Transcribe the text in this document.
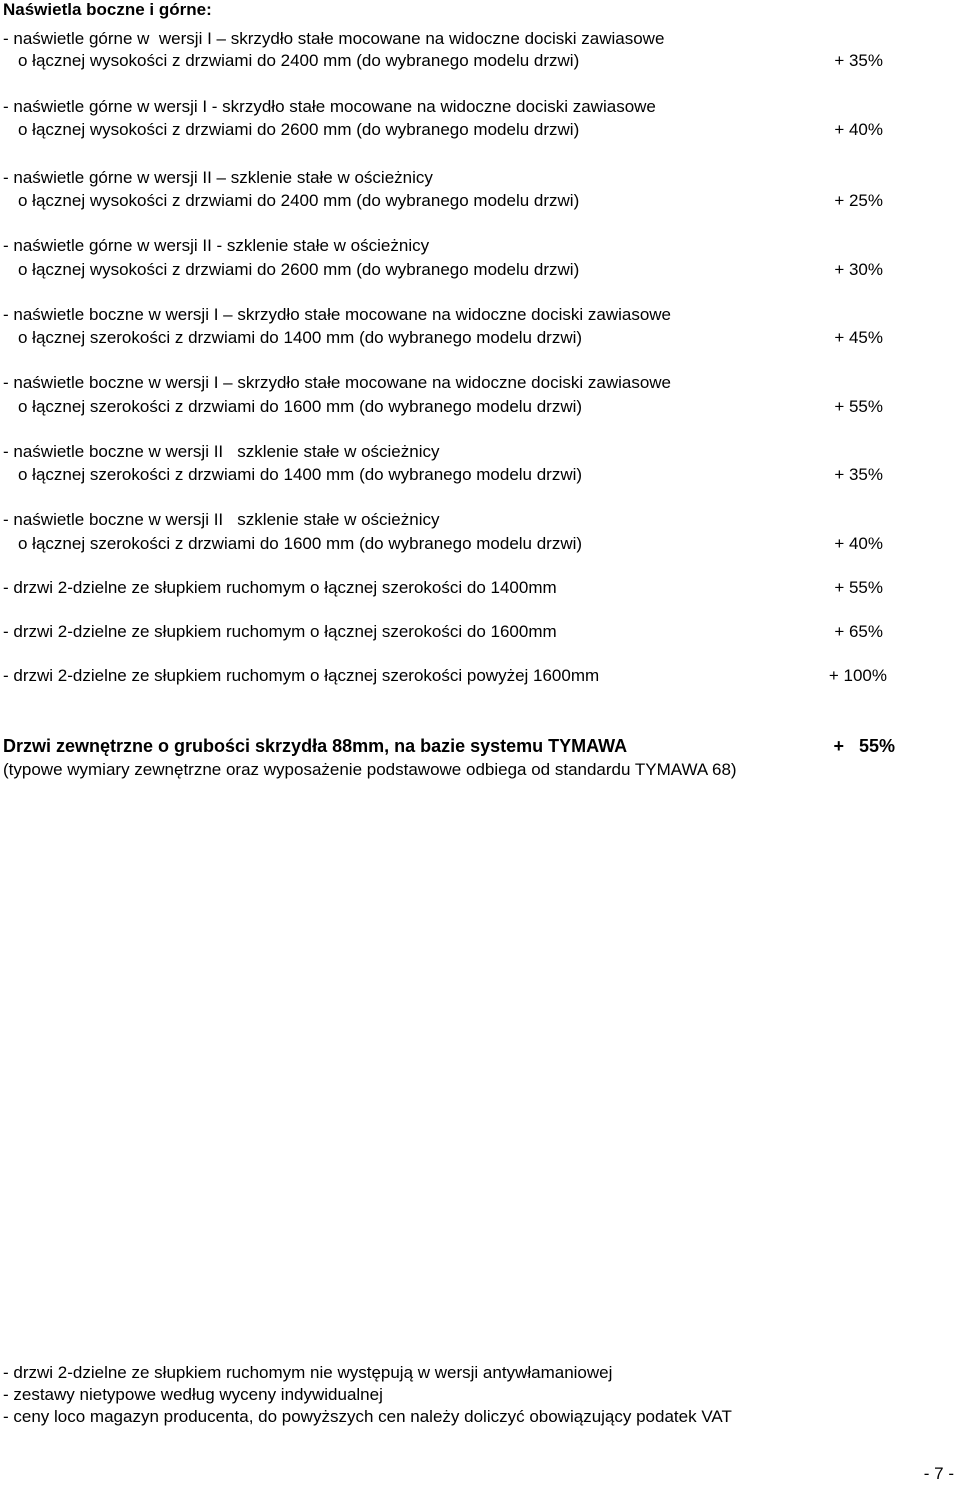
Naświetla boczne i górne:
- naświetle górne w  wersji I – skrzydło stałe mocowane na widoczne dociski zawiasowe
o łącznej wysokości z drzwiami do 2400 mm (do wybranego modelu drzwi)	+ 35%
- naświetle górne w wersji I - skrzydło stałe mocowane na widoczne dociski zawiasowe
o łącznej wysokości z drzwiami do 2600 mm (do wybranego modelu drzwi)	+ 40%
- naświetle górne w wersji II – szklenie stałe w ościeżnicy
o łącznej wysokości z drzwiami do 2400 mm (do wybranego modelu drzwi)	+ 25%
- naświetle górne w wersji II - szklenie stałe w ościeżnicy
o łącznej wysokości z drzwiami do 2600 mm (do wybranego modelu drzwi)	+ 30%
- naświetle boczne w wersji I – skrzydło stałe mocowane na widoczne dociski zawiasowe
o łącznej szerokości z drzwiami do 1400 mm (do wybranego modelu drzwi)	+ 45%
- naświetle boczne w wersji I – skrzydło stałe mocowane na widoczne dociski zawiasowe
o łącznej szerokości z drzwiami do 1600 mm (do wybranego modelu drzwi)	+ 55%
- naświetle boczne w wersji II   szklenie stałe w ościeżnicy
o łącznej szerokości z drzwiami do 1400 mm (do wybranego modelu drzwi)	+ 35%
- naświetle boczne w wersji II   szklenie stałe w ościeżnicy
o łącznej szerokości z drzwiami do 1600 mm (do wybranego modelu drzwi)	+ 40%
- drzwi 2-dzielne ze słupkiem ruchomym o łącznej szerokości do 1400mm	+ 55%
- drzwi 2-dzielne ze słupkiem ruchomym o łącznej szerokości do 1600mm	+ 65%
- drzwi 2-dzielne ze słupkiem ruchomym o łącznej szerokości powyżej 1600mm	+ 100%
Drzwi zewnętrzne o grubości skrzydła 88mm, na bazie systemu TYMAWA	+   55%
(typowe wymiary zewnętrzne oraz wyposażenie podstawowe odbiega od standardu TYMAWA 68)
- drzwi 2-dzielne ze słupkiem ruchomym nie występują w wersji antywłamaniowej
- zestawy nietypowe według wyceny indywidualnej
- ceny loco magazyn producenta, do powyższych cen należy doliczyć obowiązujący podatek VAT
- 7 -
